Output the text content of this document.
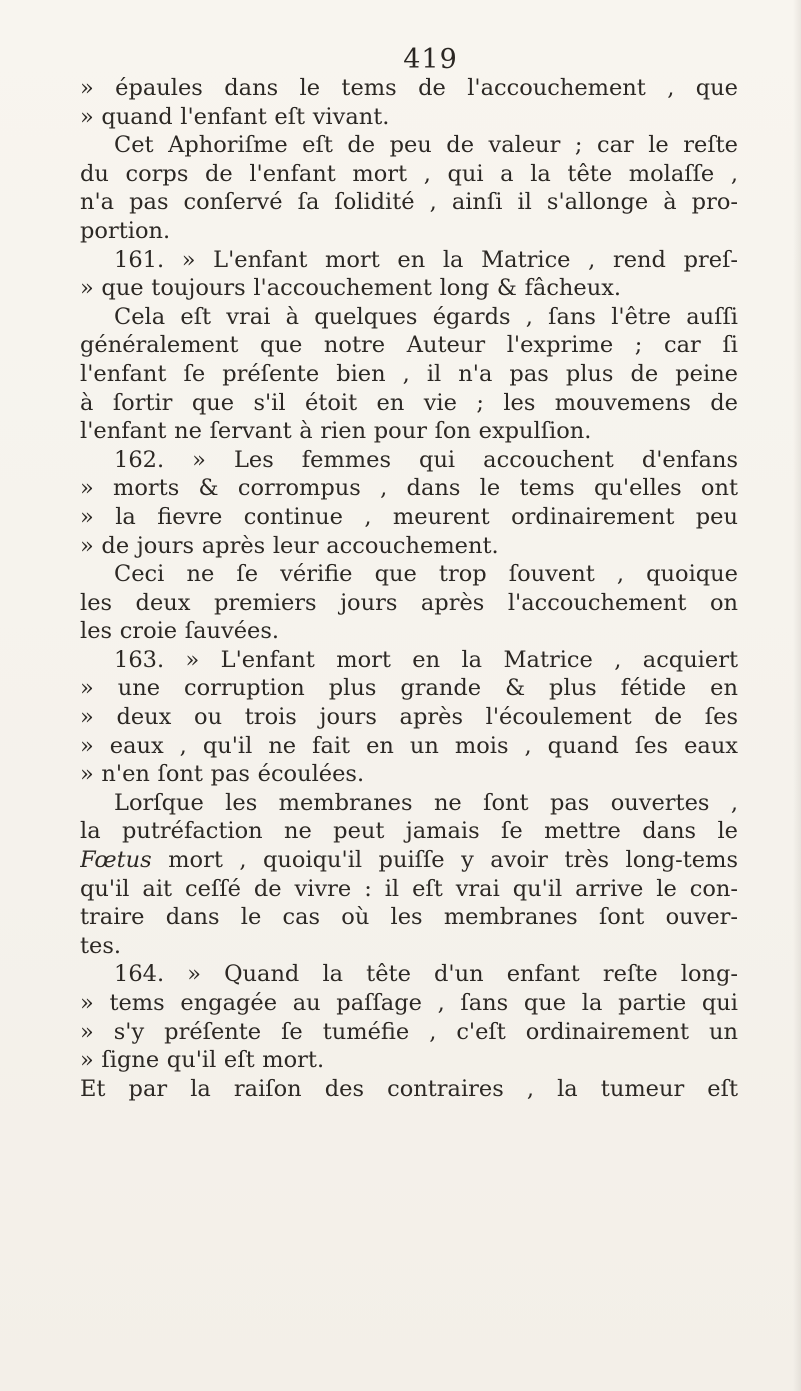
419
» épaules dans le tems de l'accouchement , que
» quand l'enfant eſt vivant.
Cet Aphoriſme eſt de peu de valeur ; car le reſte
du corps de l'enfant mort , qui a la tête molaſſe ,
n'a pas conſervé ſa ſolidité , ainſi il s'allonge à pro-
portion.
161. » L'enfant mort en la Matrice , rend preſ-
» que toujours l'accouchement long & fâcheux.
Cela eſt vrai à quelques égards , ſans l'être auſſi
généralement que notre Auteur l'exprime ; car ſi
l'enfant ſe préſente bien , il n'a pas plus de peine
à ſortir que s'il étoit en vie ; les mouvemens de
l'enfant ne ſervant à rien pour ſon expulſion.
162. » Les femmes qui accouchent d'enfans
» morts & corrompus , dans le tems qu'elles ont
» la fievre continue , meurent ordinairement peu
» de jours après leur accouchement.
Ceci ne ſe vérifie que trop ſouvent , quoique
les deux premiers jours après l'accouchement on
les croie ſauvées.
163. » L'enfant mort en la Matrice , acquiert
» une corruption plus grande & plus fétide en
» deux ou trois jours après l'écoulement de ſes
» eaux , qu'il ne fait en un mois , quand ſes eaux
» n'en ſont pas écoulées.
Lorſque les membranes ne ſont pas ouvertes ,
la putréfaction ne peut jamais ſe mettre dans le
Fœtus mort , quoiqu'il puiſſe y avoir très long-tems
qu'il ait ceſſé de vivre : il eſt vrai qu'il arrive le con-
traire dans le cas où les membranes ſont ouver-
tes.
164. » Quand la tête d'un enfant reſte long-
» tems engagée au paſſage , ſans que la partie qui
» s'y préſente ſe tuméfie , c'eſt ordinairement un
» ſigne qu'il eſt mort.
Et par la raiſon des contraires , la tumeur eſt
